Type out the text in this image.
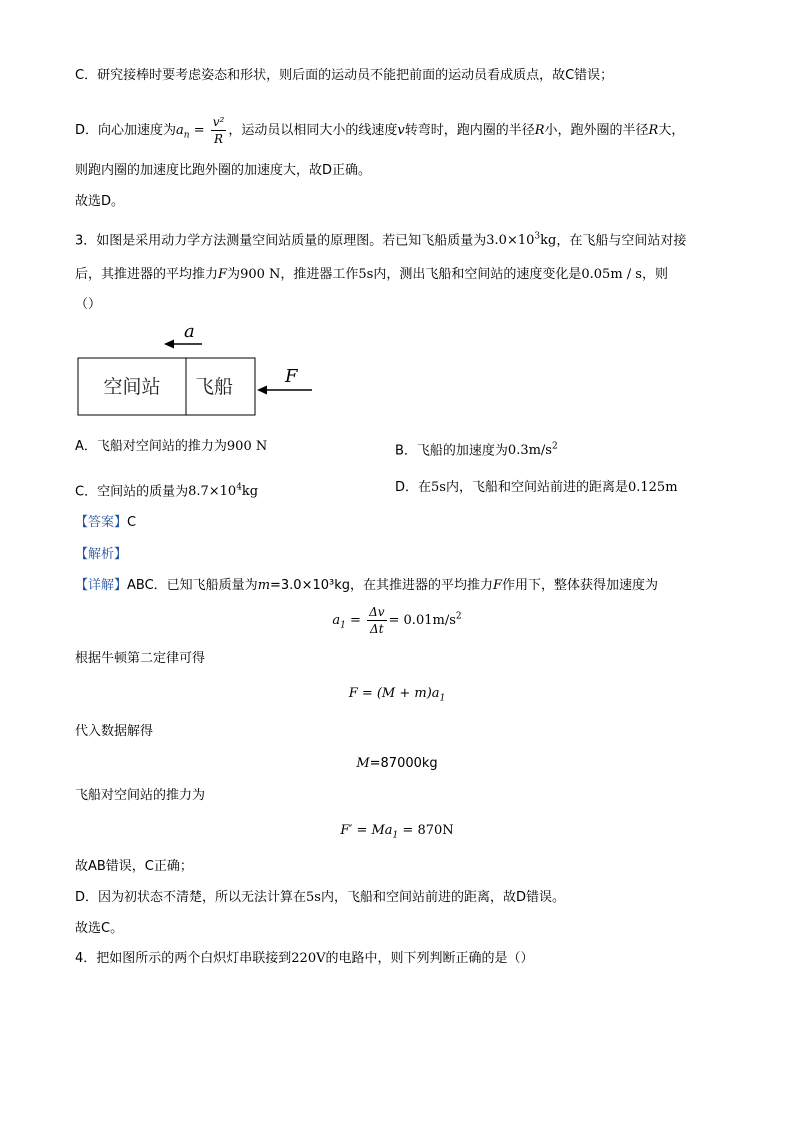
C．研究接棒时要考虑姿态和形状，则后面的运动员不能把前面的运动员看成质点，故C错误；
D．向心加速度为$a_n = \frac{\text{v²}}{R}$ ，运动员以相同大小的线速度v转弯时，跑内圈的半径R小，跑外圈的半径R大，
则跑内圈的加速度比跑外圈的加速度大，故D正确。
故选D。
3．如图是采用动力学方法测量空间站质量的原理图。若已知飞船质量为$3.0\times 10^3kg$，在飞船与空间站对接
后，其推进器的平均推力F为900 N，推进器工作5s内，测出飞船和空间站的速度变化是0.05m / s，则
（）
空间站 飞船
a
F
A．飞船对空间站的推力为900 N	B．飞船的加速度为$0.3m/s^2$
C．空间站的质量为$8.7\times 10^4kg$	D．在5s内，飞船和空间站前进的距离是0.125m
【答案】C
【解析】
【详解】ABC．已知飞船质量为m=3.0×10³kg，在其推进器的平均推力F作用下，整体获得加速度为
$a_1 = \frac{\Delta v}{\Delta t} = 0.01m/s^2$
根据牛顿第二定律可得
$F = (M + m)a_1$
代入数据解得
M=87000kg
飞船对空间站的推力为
$F' = Ma_1 = 870N$
故AB错误，C正确；
D．因为初状态不清楚，所以无法计算在5s内，飞船和空间站前进的距离，故D错误。
故选C。
4．把如图所示的两个白炽灯串联接到220V的电路中，则下列判断正确的是（）
